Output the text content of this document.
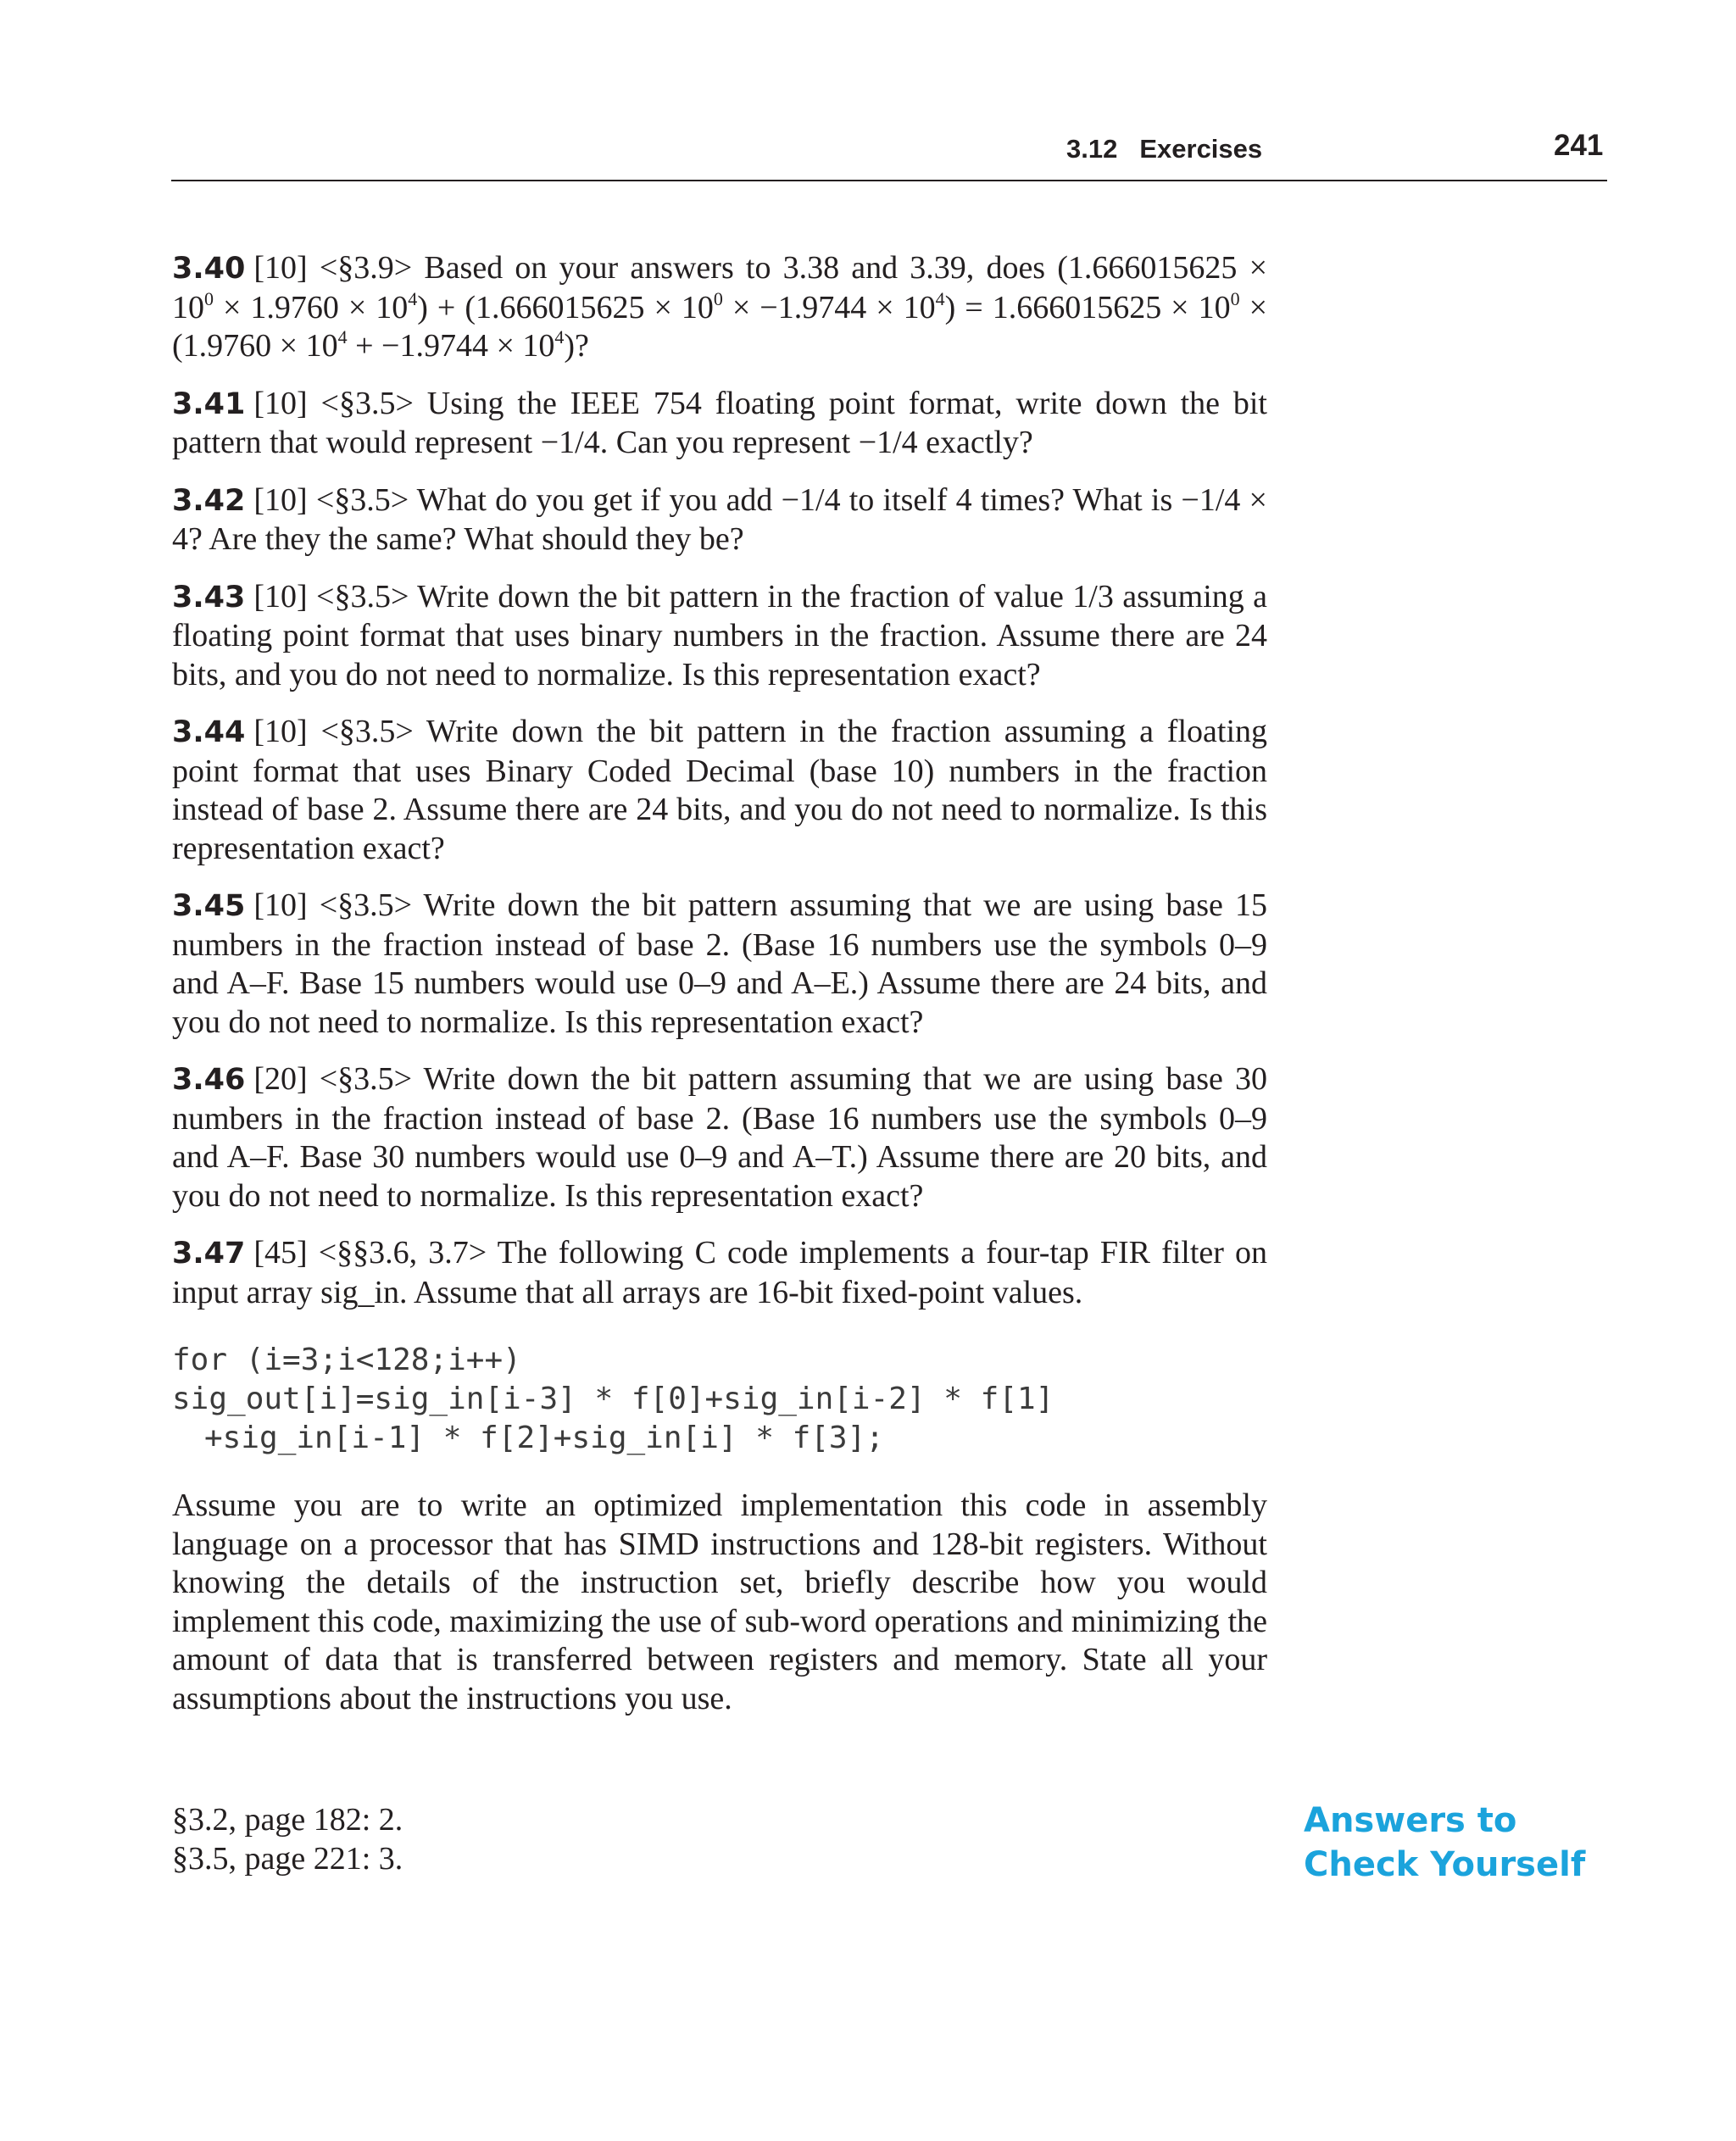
3.12 Exercises	241

3.40 [10] <§3.9> Based on your answers to 3.38 and 3.39, does $(1.666015625 \times 10^0 \times 1.9760 \times 10^4) + (1.666015625 \times 10^0 \times -1.9744 \times 10^4) = 1.666015625 \times 10^0 \times (1.9760 \times 10^4 + -1.9744 \times 10^4)$?

3.41 [10] <§3.5> Using the IEEE 754 floating point format, write down the bit pattern that would represent −1/4. Can you represent −1/4 exactly?

3.42 [10] <§3.5> What do you get if you add −1/4 to itself 4 times? What is −1/4 × 4? Are they the same? What should they be?

3.43 [10] <§3.5> Write down the bit pattern in the fraction of value 1/3 assuming a floating point format that uses binary numbers in the fraction. Assume there are 24 bits, and you do not need to normalize. Is this representation exact?

3.44 [10] <§3.5> Write down the bit pattern in the fraction assuming a floating point format that uses Binary Coded Decimal (base 10) numbers in the fraction instead of base 2. Assume there are 24 bits, and you do not need to normalize. Is this representation exact?

3.45 [10] <§3.5> Write down the bit pattern assuming that we are using base 15 numbers in the fraction instead of base 2. (Base 16 numbers use the symbols 0–9 and A–F. Base 15 numbers would use 0–9 and A–E.) Assume there are 24 bits, and you do not need to normalize. Is this representation exact?

3.46 [20] <§3.5> Write down the bit pattern assuming that we are using base 30 numbers in the fraction instead of base 2. (Base 16 numbers use the symbols 0–9 and A–F. Base 30 numbers would use 0–9 and A–T.) Assume there are 20 bits, and you do not need to normalize. Is this representation exact?

3.47 [45] <§§3.6, 3.7> The following C code implements a four-tap FIR filter on input array sig_in. Assume that all arrays are 16-bit fixed-point values.

for (i=3;i<128;i++)
sig_out[i]=sig_in[i-3] * f[0]+sig_in[i-2] * f[1]
+sig_in[i-1] * f[2]+sig_in[i] * f[3];

Assume you are to write an optimized implementation this code in assembly language on a processor that has SIMD instructions and 128-bit registers. Without knowing the details of the instruction set, briefly describe how you would implement this code, maximizing the use of sub-word operations and minimizing the amount of data that is transferred between registers and memory. State all your assumptions about the instructions you use.

§3.2, page 182: 2.
§3.5, page 221: 3.
Answers to
Check Yourself
